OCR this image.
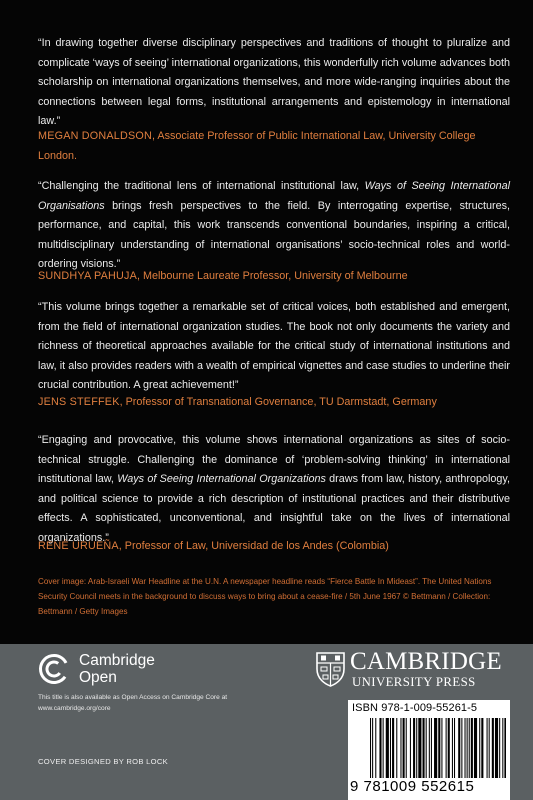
“In drawing together diverse disciplinary perspectives and traditions of thought to pluralize and complicate ‘ways of seeing’ international organizations, this wonderfully rich volume advances both scholarship on international organizations themselves, and more wide-ranging inquiries about the connections between legal forms, institutional arrangements and epistemology in international law.”

MEGAN DONALDSON, Associate Professor of Public International Law, University College London.

“Challenging the traditional lens of international institutional law, Ways of Seeing International Organisations brings fresh perspectives to the field. By interrogating expertise, structures, performance, and capital, this work transcends conventional boundaries, inspiring a critical, multidisciplinary understanding of international organisations’ socio-technical roles and world-ordering visions.”

SUNDHYA PAHUJA, Melbourne Laureate Professor, University of Melbourne

“This volume brings together a remarkable set of critical voices, both established and emergent, from the field of international organization studies. The book not only documents the variety and richness of theoretical approaches available for the critical study of international institutions and law, it also provides readers with a wealth of empirical vignettes and case studies to underline their crucial contribution. A great achievement!”

JENS STEFFEK, Professor of Transnational Governance, TU Darmstadt, Germany

“Engaging and provocative, this volume shows international organizations as sites of socio-technical struggle. Challenging the dominance of ‘problem-solving thinking’ in international institutional law, Ways of Seeing International Organizations draws from law, history, anthropology, and political science to provide a rich description of institutional practices and their distributive effects. A sophisticated, unconventional, and insightful take on the lives of international organizations.”

RENÉ URUEÑA, Professor of Law, Universidad de los Andes (Colombia)

Cover image: Arab-Israeli War Headline at the U.N. A newspaper headline reads “Fierce Battle In Mideast”. The United Nations Security Council meets in the background to discuss ways to bring about a cease-fire / 5th June 1967 © Bettmann / Collection: Bettmann / Getty Images

Cambridge
Open
This title is also available as Open Access on Cambridge Core at www.cambridge.org/core
COVER DESIGNED BY ROB LOCK
CAMBRIDGE
UNIVERSITY PRESS
ISBN 978-1-009-55261-5
9 781009 552615
